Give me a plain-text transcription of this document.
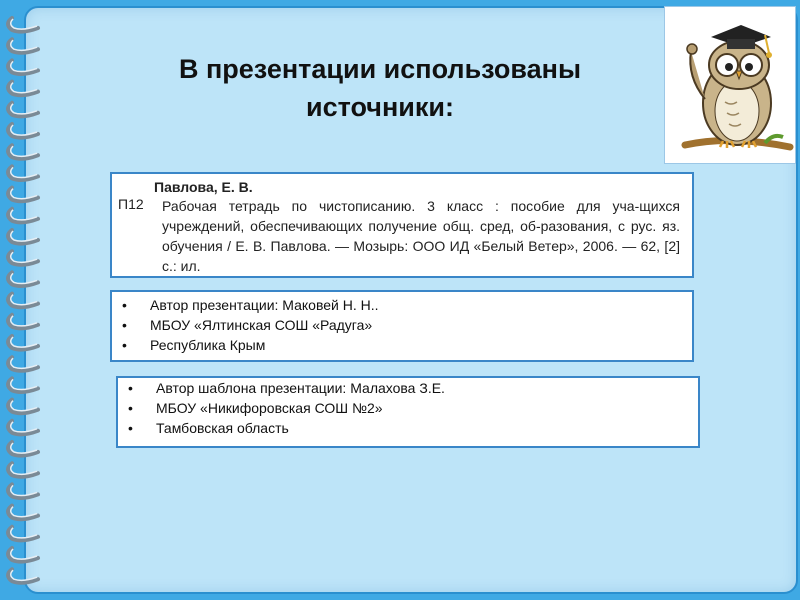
В презентации использованы
источники:
П12
Павлова, Е. В.
Рабочая тетрадь по чистописанию. 3 класс : пособие для уча-щихся учреждений, обеспечивающих получение общ. сред, об-разования, с рус. яз. обучения / Е. В. Павлова. — Мозырь: ООО ИД «Белый Ветер», 2006. — 62, [2] с.: ил.
• Автор презентации: Маковей Н. Н..
• МБОУ «Ялтинская СОШ «Радуга»
• Республика Крым
• Автор шаблона презентации: Малахова З.Е.
• МБОУ «Никифоровская СОШ №2»
• Тамбовская область
